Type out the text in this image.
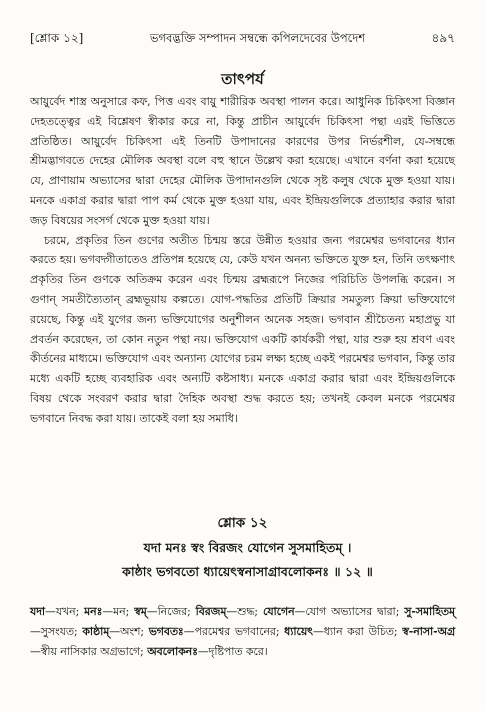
[শ্লোক ১২]	ভগবদ্ভক্তি সম্পাদন সম্বন্ধে কপিলদেবের উপদেশ	৪৯৭
তাৎপর্য

আয়ুর্বেদ শাস্ত্র অনুসারে কফ, পিত্ত এবং বায়ু শারীরিক অবস্থা পালন করে। আধুনিক চিকিৎসা বিজ্ঞান দেহতত্ত্বের এই বিশ্লেষণ স্বীকার করে না, কিন্তু প্রাচীন আয়ুর্বেদ চিকিৎসা পন্থা এরই ভিত্তিতে প্রতিষ্ঠিত। আয়ুর্বেদ চিকিৎসা এই তিনটি উপাদানের কারণের উপর নির্ভরশীল, যে-সম্বন্ধে শ্রীমদ্ভাগবতে দেহের মৌলিক অবস্থা বলে বহু স্থানে উল্লেখ করা হয়েছে। এখানে বর্ণনা করা হয়েছে যে, প্রাণায়াম অভ্যাসের দ্বারা দেহের মৌলিক উপাদানগুলি থেকে সৃষ্ট কলুষ থেকে মুক্ত হওয়া যায়। মনকে একাগ্র করার দ্বারা পাপ কর্ম থেকে মুক্ত হওয়া যায়, এবং ইন্দ্রিয়গুলিকে প্রত্যাহার করার দ্বারা জড় বিষয়ের সংসর্গ থেকে মুক্ত হওয়া যায়।

চরমে, প্রকৃতির তিন গুণের অতীত চিন্ময় স্তরে উন্নীত হওয়ার জন্য পরমেশ্বর ভগবানের ধ্যান করতে হয়। ভগবদ্গীতাতেও প্রতিপন্ন হয়েছে যে, কেউ যখন অনন্য ভক্তিতে যুক্ত হন, তিনি তৎক্ষণাৎ প্রকৃতির তিন গুণকে অতিক্রম করেন এবং চিন্ময় ব্রহ্মরূপে নিজের পরিচিতি উপলব্ধি করেন। স গুণান্ সমতীত্যৈতান্ ব্রহ্মভূয়ায় কল্পতে। যোগ-পদ্ধতির প্রতিটি ক্রিয়ার সমতুল্য ক্রিয়া ভক্তিযোগে রয়েছে, কিন্তু এই যুগের জন্য ভক্তিযোগের অনুশীলন অনেক সহজ। ভগবান শ্রীচৈতন্য মহাপ্রভু যা প্রবর্তন করেছেন, তা কোন নতুন পন্থা নয়। ভক্তিযোগ একটি কার্যকরী পন্থা, যার শুরু হয় শ্রবণ এবং কীর্তনের মাধ্যমে। ভক্তিযোগ এবং অন্যান্য যোগের চরম লক্ষ্য হচ্ছে একই পরমেশ্বর ভগবান, কিন্তু তার মধ্যে একটি হচ্ছে ব্যবহারিক এবং অন্যটি কষ্টসাধ্য। মনকে একাগ্র করার দ্বারা এবং ইন্দ্রিয়গুলিকে বিষয় থেকে সংবরণ করার দ্বারা দৈহিক অবস্থা শুদ্ধ করতে হয়; তখনই কেবল মনকে পরমেশ্বর ভগবানে নিবদ্ধ করা যায়। তাকেই বলা হয় সমাধি।

শ্লোক ১২
যদা মনঃ স্বং বিরজং যোগেন সুসমাহিতম্ ।
কাষ্ঠাং ভগবতো ধ্যায়েৎস্বনাসাগ্রাবলোকনঃ ॥ ১২ ॥
যদা—যখন; মনঃ—মন; স্বম্—নিজের; বিরজম্—শুদ্ধ; যোগেন—যোগ অভ্যাসের দ্বারা; সু-সমাহিতম্—সুসংযত; কাষ্ঠাম্—অংশ; ভগবতঃ—পরমেশ্বর ভগবানের; ধ্যায়েৎ—ধ্যান করা উচিত; স্ব-নাসা-অগ্র—স্বীয় নাসিকার অগ্রভাগে; অবলোকনঃ—দৃষ্টিপাত করে।
